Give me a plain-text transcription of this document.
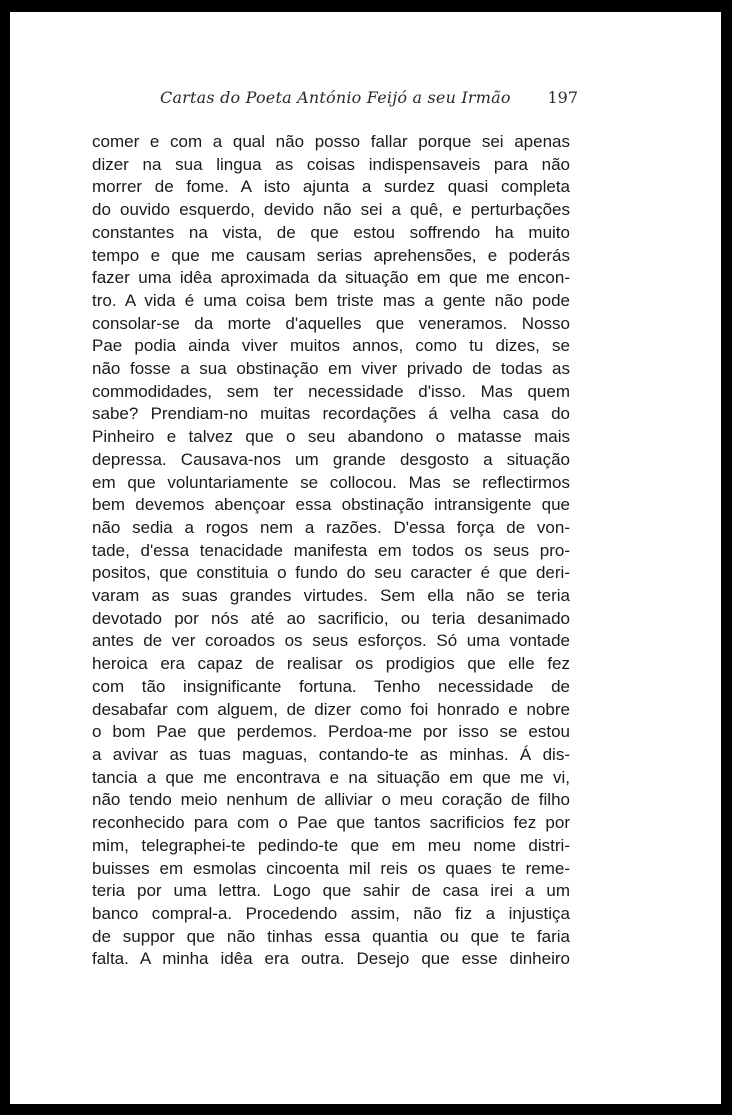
Cartas do Poeta António Feijó a seu Irmão 197
comer e com a qual não posso fallar porque sei apenas
dizer na sua lingua as coisas indispensaveis para não
morrer de fome. A isto ajunta a surdez quasi completa
do ouvido esquerdo, devido não sei a quê, e perturbações
constantes na vista, de que estou soffrendo ha muito
tempo e que me causam serias aprehensões, e poderás
fazer uma idêa aproximada da situação em que me encon-
tro. A vida é uma coisa bem triste mas a gente não pode
consolar-se da morte d'aquelles que veneramos. Nosso
Pae podia ainda viver muitos annos, como tu dizes, se
não fosse a sua obstinação em viver privado de todas as
commodidades, sem ter necessidade d'isso. Mas quem
sabe? Prendiam-no muitas recordações á velha casa do
Pinheiro e talvez que o seu abandono o matasse mais
depressa. Causava-nos um grande desgosto a situação
em que voluntariamente se collocou. Mas se reflectirmos
bem devemos abençoar essa obstinação intransigente que
não sedia a rogos nem a razões. D'essa força de von-
tade, d'essa tenacidade manifesta em todos os seus pro-
positos, que constituia o fundo do seu caracter é que deri-
varam as suas grandes virtudes. Sem ella não se teria
devotado por nós até ao sacrificio, ou teria desanimado
antes de ver coroados os seus esforços. Só uma vontade
heroica era capaz de realisar os prodigios que elle fez
com tão insignificante fortuna. Tenho necessidade de
desabafar com alguem, de dizer como foi honrado e nobre
o bom Pae que perdemos. Perdoa-me por isso se estou
a avivar as tuas maguas, contando-te as minhas. Á dis-
tancia a que me encontrava e na situação em que me vi,
não tendo meio nenhum de alliviar o meu coração de filho
reconhecido para com o Pae que tantos sacrificios fez por
mim, telegraphei-te pedindo-te que em meu nome distri-
buisses em esmolas cincoenta mil reis os quaes te reme-
teria por uma lettra. Logo que sahir de casa irei a um
banco compral-a. Procedendo assim, não fiz a injustiça
de suppor que não tinhas essa quantia ou que te faria
falta. A minha idêa era outra. Desejo que esse dinheiro
